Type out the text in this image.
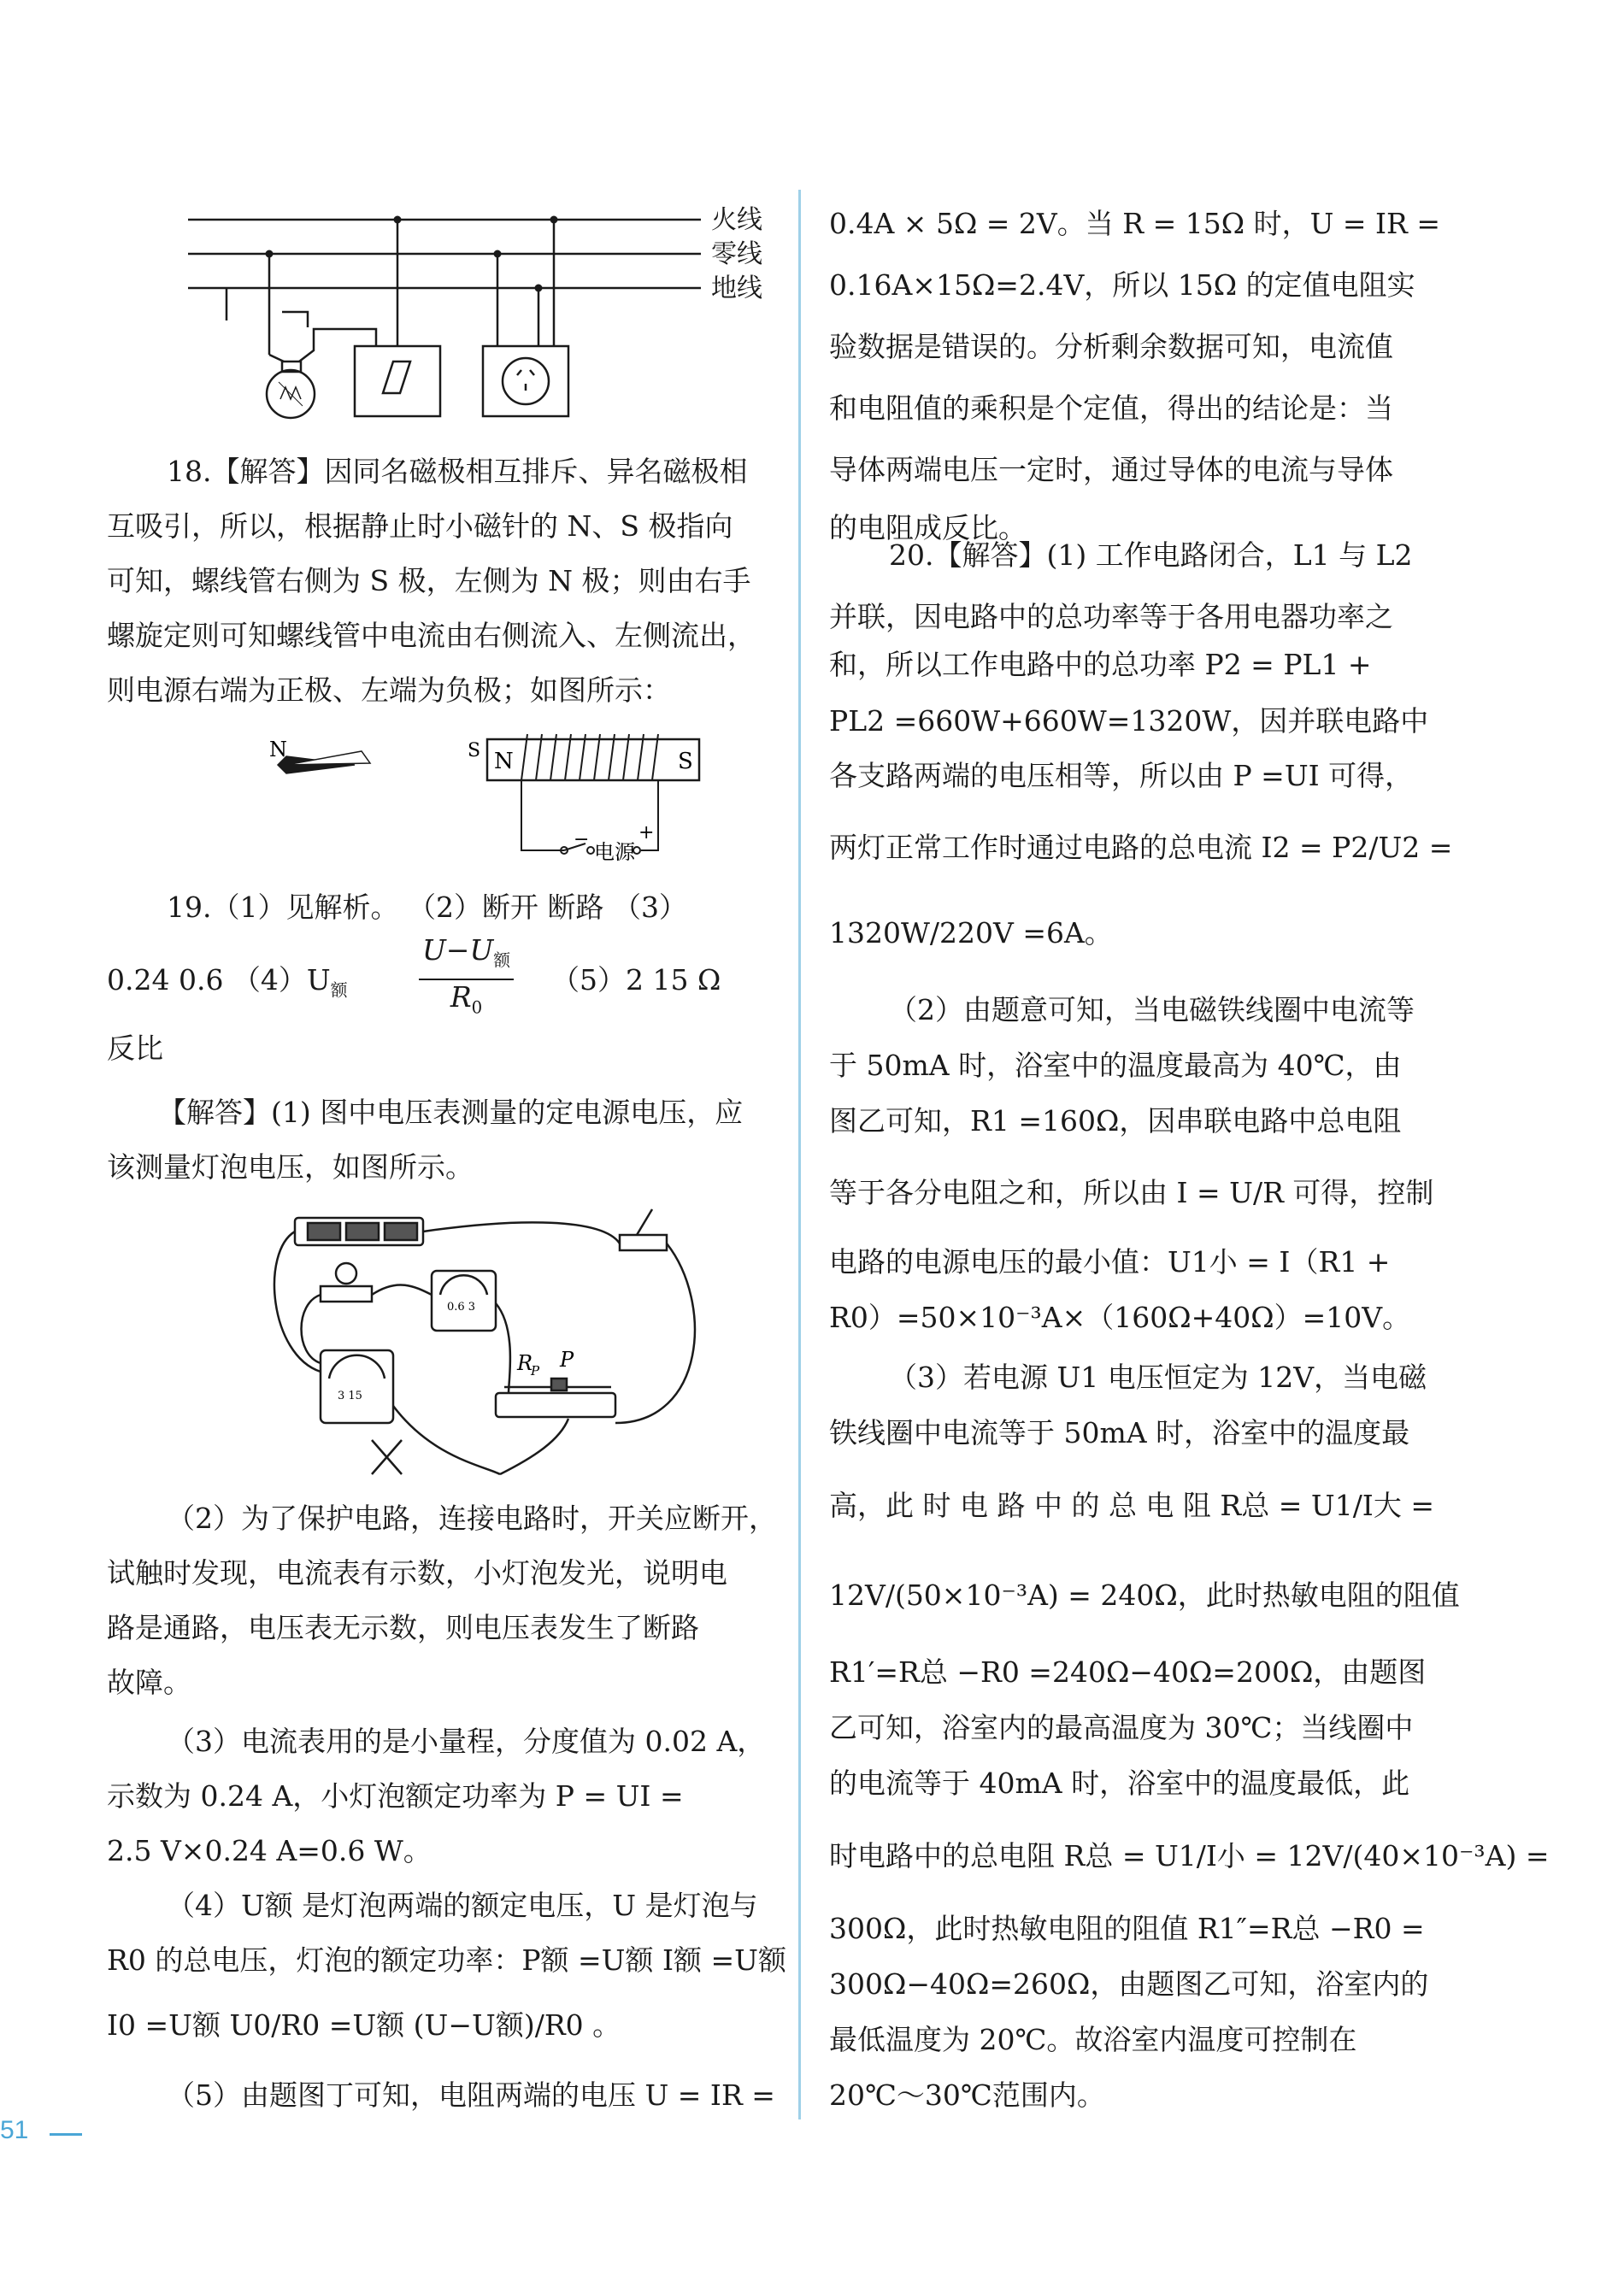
火线
零线
地线
18.【解答】因同名磁极相互排斥、异名磁极相
互吸引，所以，根据静止时小磁针的 N、S 极指向
可知，螺线管右侧为 S 极，左侧为 N 极；则由右手
螺旋定则可知螺线管中电流由右侧流入、左侧流出，
则电源右端为正极、左端为负极；如图所示：
N	S N	S
−
电源
+
19.（1）见解析。 （2）断开 断路 （3）
0.24 0.6 $(4)U_额$
$U-U_额$
$R_0$
（5）2 15 Ω
反比
【解答】(1) 图中电压表测量的定电源电压，应
该测量灯泡电压，如图所示。
0.6 3
3 15
R
P P
（2）为了保护电路，连接电路时，开关应断开，
试触时发现，电流表有示数，小灯泡发光，说明电
路是通路，电压表无示数，则电压表发生了断路
故障。
（3）电流表用的是小量程，分度值为 0.02 A，
示数为 0.24 A，小灯泡额定功率为 P = UI =
2.5 V×0.24 A=0.6 W。
（4）U额 是灯泡两端的额定电压，U 是灯泡与
R0 的总电压，灯泡的额定功率：P额 =U额 I额 =U额
I0 =U额 U0/R0 =U额 (U−U额)/R0 。
（5）由题图丁可知，电阻两端的电压 U = IR =
51
0.4A × 5Ω = 2V。当 R = 15Ω 时，U = IR =
0.16A×15Ω=2.4V，所以 15Ω 的定值电阻实
验数据是错误的。分析剩余数据可知，电流值
和电阻值的乘积是个定值，得出的结论是：当
导体两端电压一定时，通过导体的电流与导体
的电阻成反比。
20.【解答】(1) 工作电路闭合，L1 与 L2
并联，因电路中的总功率等于各用电器功率之
和，所以工作电路中的总功率 P2 = PL1 +
PL2 =660W+660W=1320W，因并联电路中
各支路两端的电压相等，所以由 P =UI 可得，
两灯正常工作时通过电路的总电流 I2 = P2/U2 =
1320W/220V =6A。
（2）由题意可知，当电磁铁线圈中电流等
于 50mA 时，浴室中的温度最高为 40℃，由
图乙可知，R1 =160Ω，因串联电路中总电阻
等于各分电阻之和，所以由 I = U/R 可得，控制
电路的电源电压的最小值：U1小 = I（R1 +
R0）=50×10⁻³A×（160Ω+40Ω）=10V。
（3）若电源 U1 电压恒定为 12V，当电磁
铁线圈中电流等于 50mA 时，浴室中的温度最
高，此 时 电 路 中 的 总 电 阻 R总 = U1/I大 =
12V/(50×10⁻³A) = 240Ω，此时热敏电阻的阻值
R1′=R总 −R0 =240Ω−40Ω=200Ω，由题图
乙可知，浴室内的最高温度为 30℃；当线圈中
的电流等于 40mA 时，浴室中的温度最低，此
时电路中的总电阻 R总 = U1/I小 = 12V/(40×10⁻³A) =
300Ω，此时热敏电阻的阻值 R1″=R总 −R0 =
300Ω−40Ω=260Ω，由题图乙可知，浴室内的
最低温度为 20℃。故浴室内温度可控制在
20℃～30℃范围内。
